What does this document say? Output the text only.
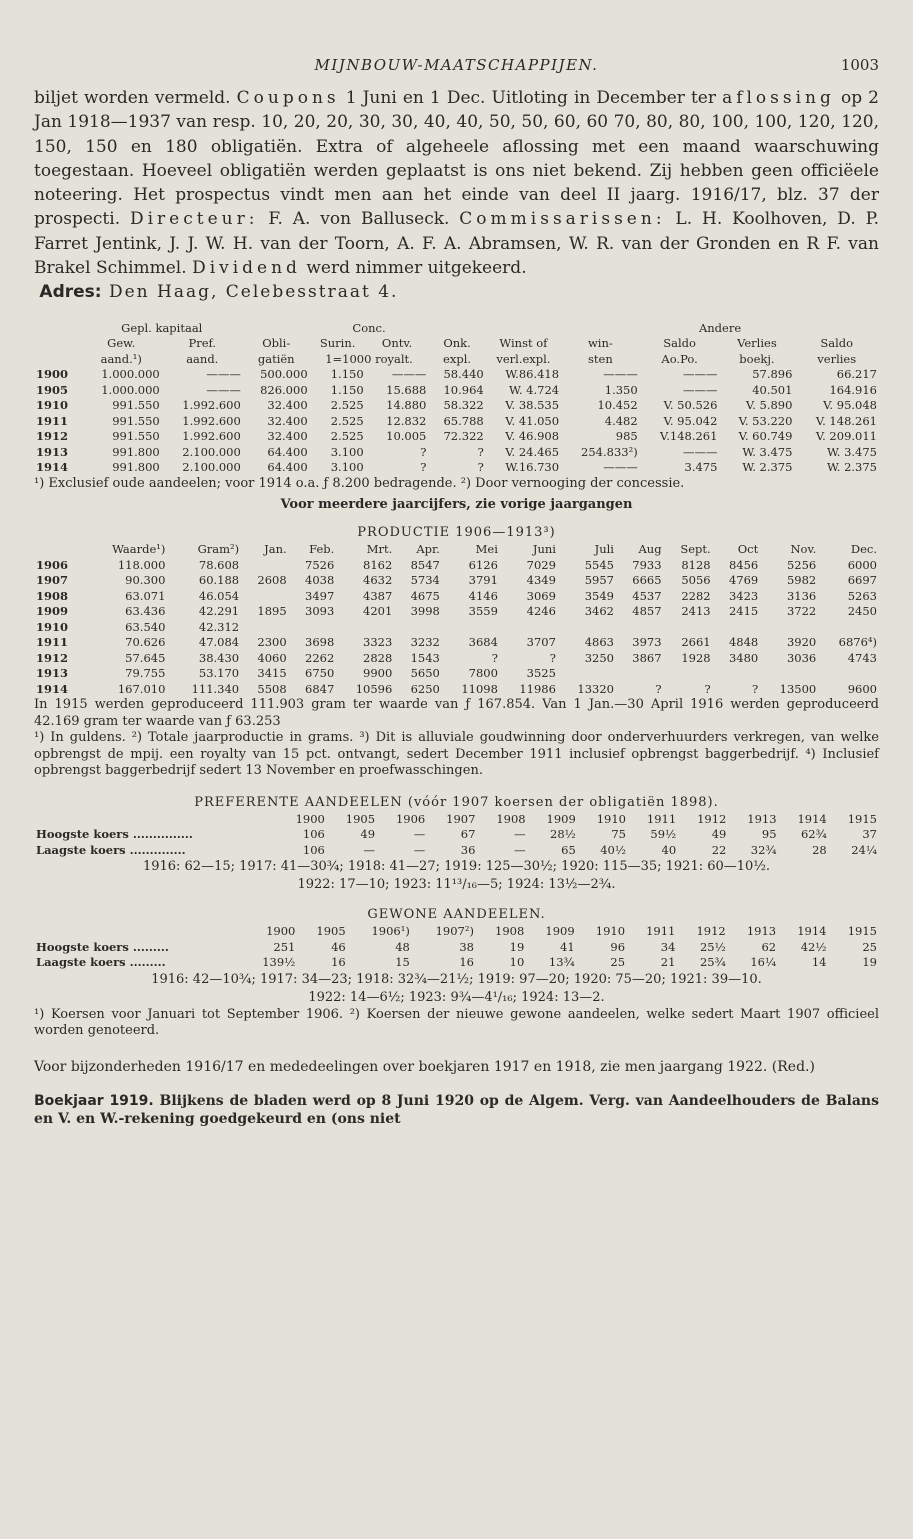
MIJNBOUW-MAATSCHAPPIJEN.	1003

biljet worden vermeld. Coupons 1 Juni en 1 Dec. Uitloting in December ter aflossing op 2 Jan 1918—1937 van resp. 10, 20, 20, 30, 30, 40, 40, 50, 50, 60, 60 70, 80, 80, 100, 100, 120, 120, 150, 150 en 180 obligatiën. Extra of algeheele aflossing met een maand waarschuwing toegestaan. Hoeveel obligatiën werden geplaatst is ons niet bekend. Zij hebben geen officiëele noteering. Het prospectus vindt men aan het einde van deel II jaarg. 1916/17, blz. 37 der prospecti. Directeur: F. A. von Balluseck. Commissarissen: L. H. Koolhoven, D. P. Farret Jentink, J. J. W. H. van der Toorn, A. F. A. Abramsen, W. R. van der Gronden en R F. van Brakel Schimmel. Dividend werd nimmer uitgekeerd.

Adres: Den Haag, Celebesstraat 4.

	Gepl. kapitaal			Conc.				Andere			
	Gew.	Pref.	Obli-	Surin.	Ontv.	Onk.	Winst of	win-	Saldo	Verlies	Saldo
	aand.¹)	aand.	gatiën	1=1000 royalt.		expl.	verl.expl.	sten	Ao.Po.	boekj.	verlies
1900	1.000.000	———	500.000	1.150	———	58.440	W.86.418	———	———	57.896	66.217
1905	1.000.000	———	826.000	1.150	15.688	10.964	W. 4.724	1.350	———	40.501	164.916
1910	991.550	1.992.600	32.400	2.525	14.880	58.322	V. 38.535	10.452	V. 50.526	V. 5.890	V. 95.048
1911	991.550	1.992.600	32.400	2.525	12.832	65.788	V. 41.050	4.482	V. 95.042	V. 53.220	V. 148.261
1912	991.550	1.992.600	32.400	2.525	10.005	72.322	V. 46.908	985	V.148.261	V. 60.749	V. 209.011
1913	991.800	2.100.000	64.400	3.100	?	?	V. 24.465	254.833²)	———	W. 3.475	W. 3.475
1914	991.800	2.100.000	64.400	3.100	?	?	W.16.730	———	3.475	W. 2.375	W. 2.375

¹) Exclusief oude aandeelen; voor 1914 o.a. ƒ 8.200 bedragende. ²) Door vernooging der concessie.

Voor meerdere jaarcijfers, zie vorige jaargangen

PRODUCTIE 1906—1913³)

	Waarde¹)	Gram²)	Jan.	Feb.	Mrt.	Apr.	Mei	Juni	Juli	Aug	Sept.	Oct	Nov.	Dec.
1906	118.000	78.608		7526	8162	8547	6126	7029	5545	7933	8128	8456	5256	6000
1907	90.300	60.188	2608	4038	4632	5734	3791	4349	5957	6665	5056	4769	5982	6697
1908	63.071	46.054		3497	4387	4675	4146	3069	3549	4537	2282	3423	3136	5263
1909	63.436	42.291	1895	3093	4201	3998	3559	4246	3462	4857	2413	2415	3722	2450
1910	63.540	42.312												
1911	70.626	47.084	2300	3698	3323	3232	3684	3707	4863	3973	2661	4848	3920	6876⁴)
1912	57.645	38.430	4060	2262	2828	1543	?	?	3250	3867	1928	3480	3036	4743
1913	79.755	53.170	3415	6750	9900	5650	7800	3525						
1914	167.010	111.340	5508	6847	10596	6250	11098	11986	13320	?	?	?	13500	9600

In 1915 werden geproduceerd 111.903 gram ter waarde van ƒ 167.854. Van 1 Jan.—30 April 1916 werden geproduceerd 42.169 gram ter waarde van ƒ 63.253

¹) In guldens. ²) Totale jaarproductie in grams. ³) Dit is alluviale goudwinning door onderverhuurders verkregen, van welke opbrengst de mpij. een royalty van 15 pct. ontvangt, sedert December 1911 inclusief opbrengst baggerbedrijf. ⁴) Inclusief opbrengst baggerbedrijf sedert 13 November en proefwasschingen.

PREFERENTE AANDEELEN (vóór 1907 koersen der obligatiën 1898).

	1900	1905	1906	1907	1908	1909	1910	1911	1912	1913	1914	1915
Hoogste koers ...............	106	49	—	67	—	28½	75	59½	49	95	62¾	37
Laagste koers ..............	106	—	—	36	—	65	40½	40	22	32¾	28	24¼

1916: 62—15; 1917: 41—30¾; 1918: 41—27; 1919: 125—30½; 1920: 115—35; 1921: 60—10½.

1922: 17—10; 1923: 11¹³/₁₆—5; 1924: 13½—2¾.

GEWONE AANDEELEN.

	1900	1905	1906¹)	1907²)	1908	1909	1910	1911	1912	1913	1914	1915
Hoogste koers .........	251	46	48	38	19	41	96	34	25½	62	42½	25
Laagste koers .........	139½	16	15	16	10	13¾	25	21	25¾	16¼	14	19

1916: 42—10¾; 1917: 34—23; 1918: 32¾—21½; 1919: 97—20; 1920: 75—20; 1921: 39—10.

1922: 14—6½; 1923: 9¾—4¹/₁₆; 1924: 13—2.

¹) Koersen voor Januari tot September 1906. ²) Koersen der nieuwe gewone aandeelen, welke sedert Maart 1907 officieel worden genoteerd.

Voor bijzonderheden 1916/17 en mededeelingen over boekjaren 1917 en 1918, zie men jaargang 1922. (Red.)

Boekjaar 1919. Blijkens de bladen werd op 8 Juni 1920 op de Algem. Verg. van Aandeelhouders de Balans en V. en W.-rekening goedgekeurd en (ons niet
